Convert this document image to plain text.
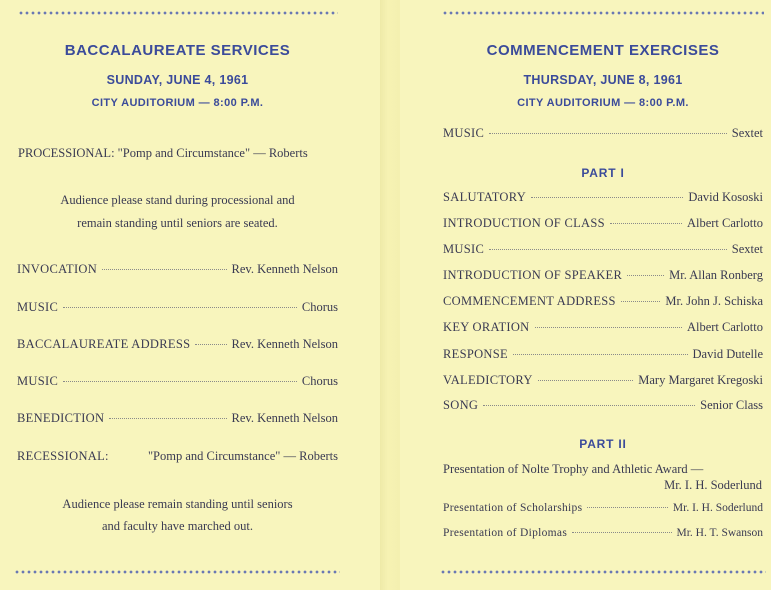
BACCALAUREATE SERVICES
SUNDAY, JUNE 4, 1961
CITY AUDITORIUM — 8:00 P.M.
PROCESSIONAL: "Pomp and Circumstance" — Roberts
Audience please stand during processional and
remain standing until seniors are seated.
INVOCATION	Rev. Kenneth Nelson
MUSIC	Chorus
BACCALAUREATE ADDRESS	Rev. Kenneth Nelson
MUSIC	Chorus
BENEDICTION	Rev. Kenneth Nelson
RECESSIONAL:	"Pomp and Circumstance" — Roberts
Audience please remain standing until seniors
and faculty have marched out.
COMMENCEMENT EXERCISES
THURSDAY, JUNE 8, 1961
CITY AUDITORIUM — 8:00 P.M.
MUSIC	Sextet
PART I
SALUTATORY	David Kososki
INTRODUCTION OF CLASS	Albert Carlotto
MUSIC	Sextet
INTRODUCTION OF SPEAKER	Mr. Allan Ronberg
COMMENCEMENT ADDRESS	Mr. John J. Schiska
KEY ORATION	Albert Carlotto
RESPONSE	David Dutelle
VALEDICTORY	Mary Margaret Kregoski
SONG	Senior Class
PART II
Presentation of Nolte Trophy and Athletic Award —
Mr. I. H. Soderlund
Presentation of Scholarships	Mr. I. H. Soderlund
Presentation of Diplomas	Mr. H. T. Swanson
